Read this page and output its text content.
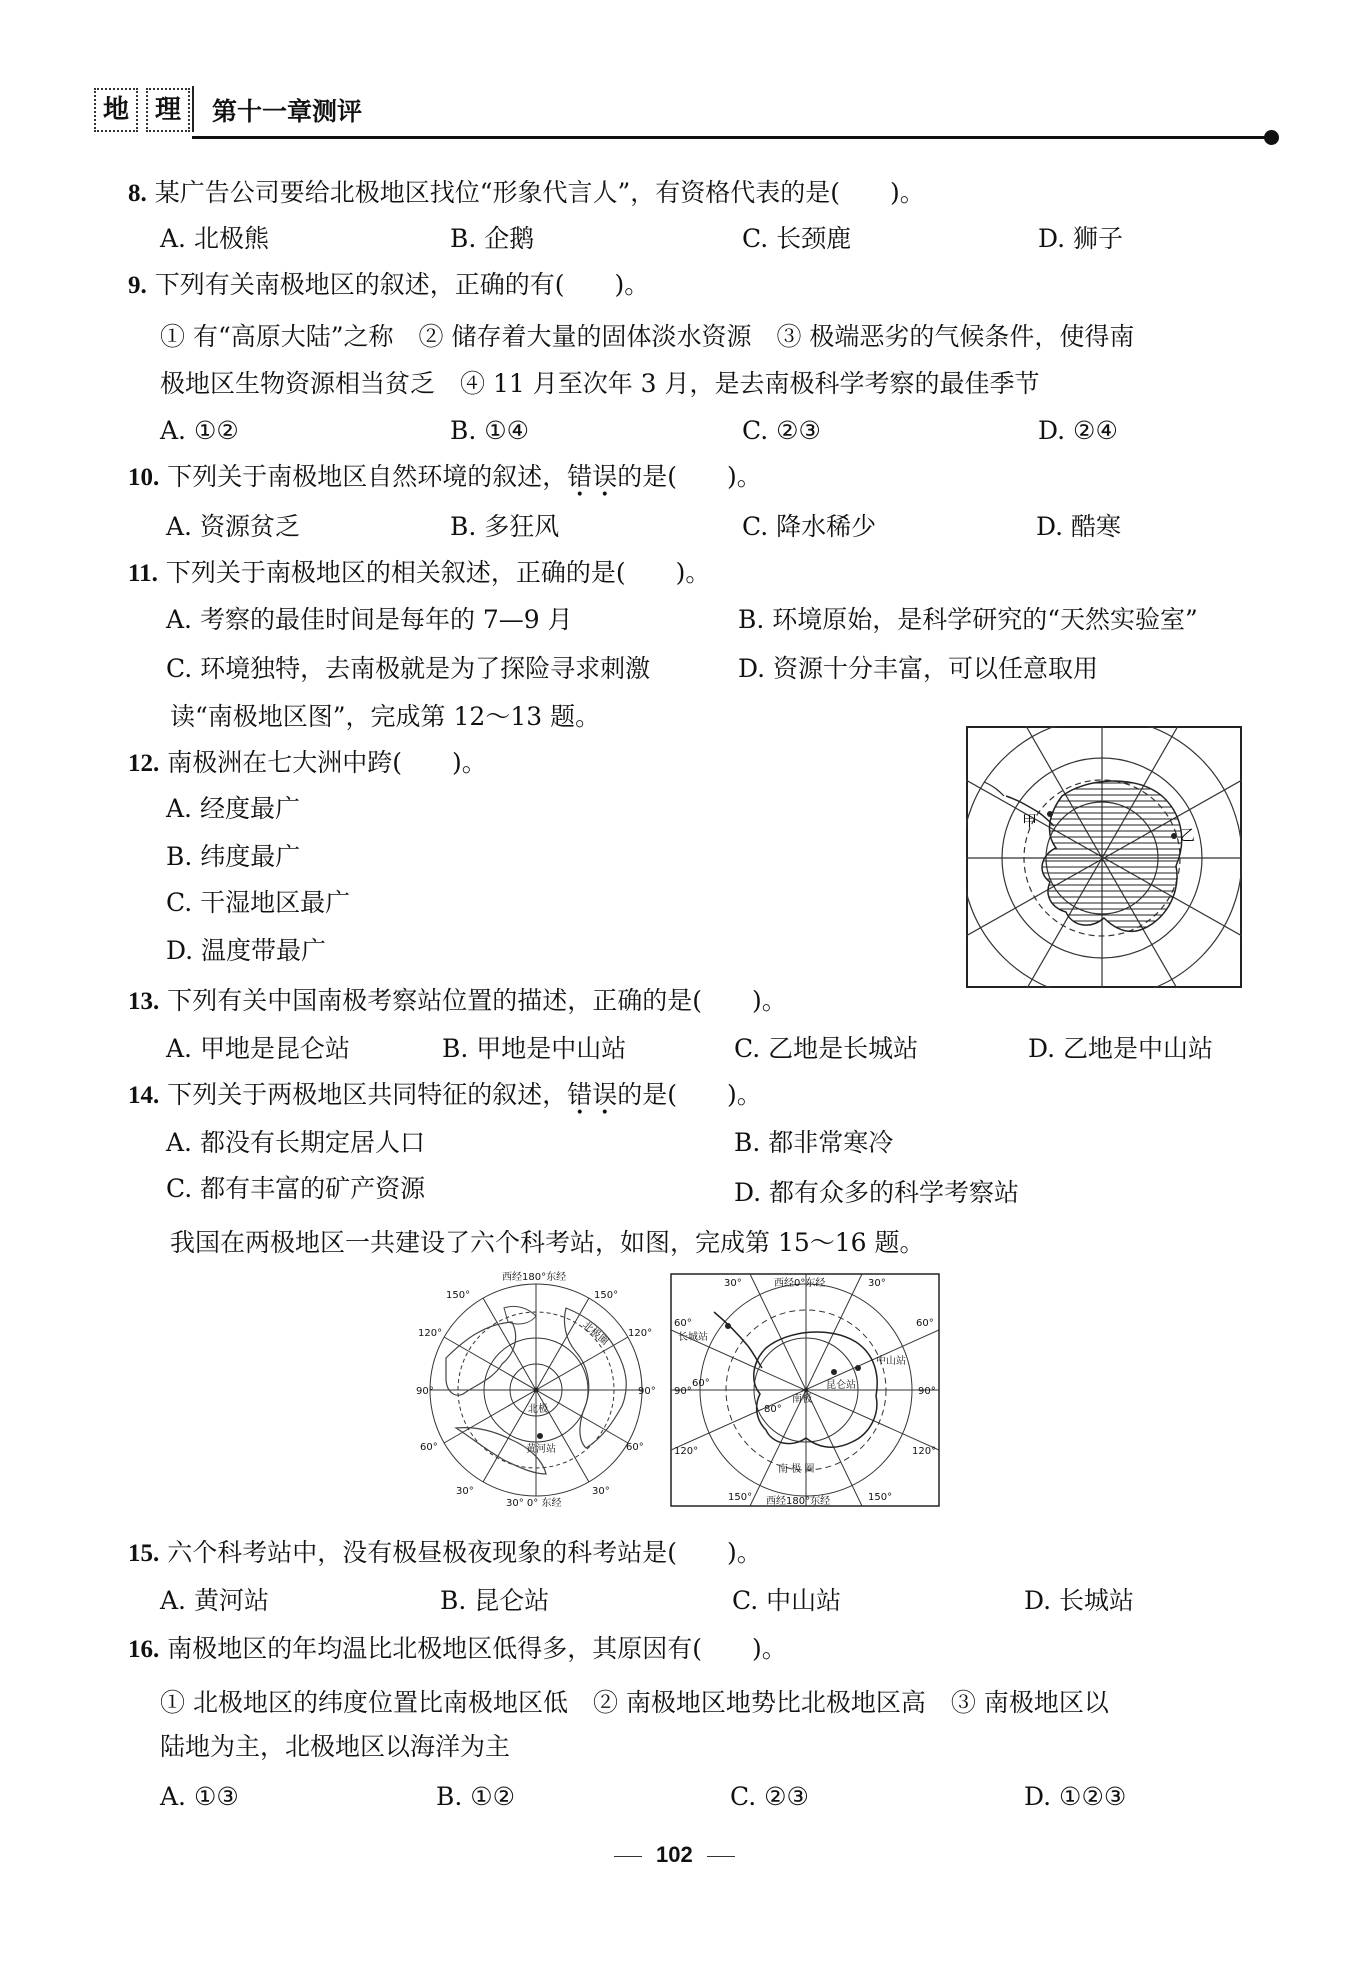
地 理	第十一章测评
8. 某广告公司要给北极地区找位“形象代言人”，有资格代表的是(　　)。
A. 北极熊	B. 企鹅	C. 长颈鹿	D. 狮子
9. 下列有关南极地区的叙述，正确的有(　　)。
① 有“高原大陆”之称　② 储存着大量的固体淡水资源　③ 极端恶劣的气候条件，使得南
极地区生物资源相当贫乏　④ 11 月至次年 3 月，是去南极科学考察的最佳季节
A. ①②	B. ①④	C. ②③	D. ②④
10. 下列关于南极地区自然环境的叙述，错误的是(　　)。
A. 资源贫乏	B. 多狂风	C. 降水稀少	D. 酷寒
11. 下列关于南极地区的相关叙述，正确的是(　　)。
A. 考察的最佳时间是每年的 7—9 月	B. 环境原始，是科学研究的“天然实验室”
C. 环境独特，去南极就是为了探险寻求刺激	D. 资源十分丰富，可以任意取用
读“南极地区图”，完成第 12～13 题。
12. 南极洲在七大洲中跨(　　)。
A. 经度最广
B. 纬度最广
C. 干湿地区最广
D. 温度带最广
甲
乙
13. 下列有关中国南极考察站位置的描述，正确的是(　　)。
A. 甲地是昆仑站	B. 甲地是中山站	C. 乙地是长城站	D. 乙地是中山站
14. 下列关于两极地区共同特征的叙述，错误的是(　　)。
A. 都没有长期定居人口	B. 都非常寒冷
C. 都有丰富的矿产资源	D. 都有众多的科学考察站
我国在两极地区一共建设了六个科考站，如图，完成第 15～16 题。
西经180°东经
30° 0° 东经
150°	150°
120°	120°
90°	90°
60°	60°
30°	30°
北极圈
北极
黄河站
西经0°东经
西经180°东经
30°	30°
60°	60°
90°	90°
120°	120°
150°	150°
60°
80°
长城站
中山站
昆仑站
南极
南 极 圈
15. 六个科考站中，没有极昼极夜现象的科考站是(　　)。
A. 黄河站	B. 昆仑站	C. 中山站	D. 长城站
16. 南极地区的年均温比北极地区低得多，其原因有(　　)。
① 北极地区的纬度位置比南极地区低　② 南极地区地势比北极地区高　③ 南极地区以
陆地为主，北极地区以海洋为主
A. ①③	B. ①②	C. ②③	D. ①②③
102
